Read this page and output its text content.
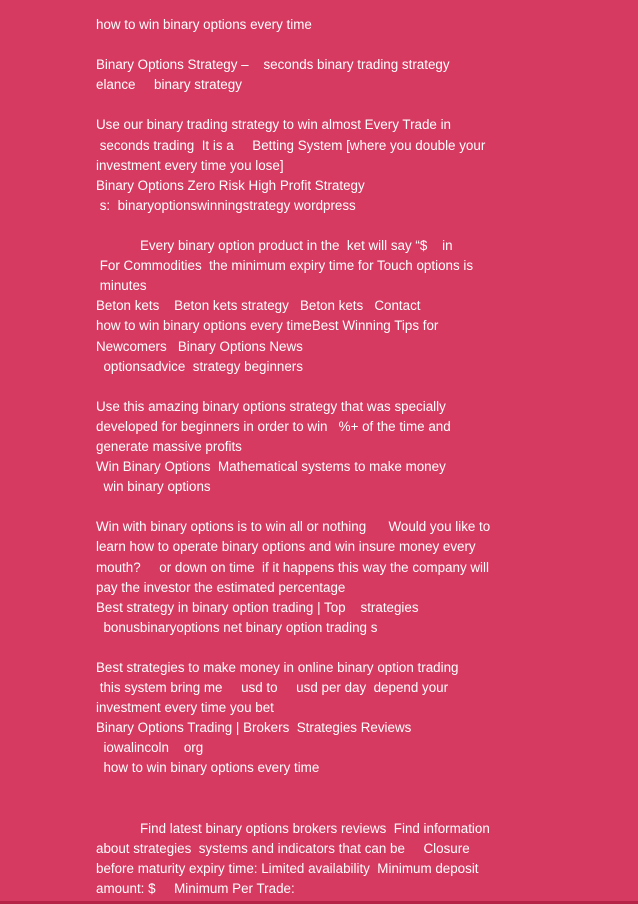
how to win binary options every time
Binary Options Strategy –    seconds binary trading strategy
elance     binary strategy
Use our binary trading strategy to win almost Every Trade in
seconds trading  It is a     Betting System [where you double your
investment every time you lose]
Binary Options Zero Risk High Profit Strategy
s:  binaryoptionswinningstrategy wordpress
Every binary option product in the  ket will say “$    in
For Commodities  the minimum expiry time for Touch options is
minutes
Beton kets    Beton kets strategy   Beton kets   Contact
how to win binary options every timeBest Winning Tips for
Newcomers   Binary Options News
optionsadvice  strategy beginners
Use this amazing binary options strategy that was specially
developed for beginners in order to win   %+ of the time and
generate massive profits
Win Binary Options  Mathematical systems to make money
win binary options
Win with binary options is to win all or nothing      Would you like to
learn how to operate binary options and win insure money every
mouth?     or down on time  if it happens this way the company will
pay the investor the estimated percentage
Best strategy in binary option trading | Top    strategies
bonusbinaryoptions net binary option trading s
Best strategies to make money in online binary option trading
this system bring me     usd to     usd per day  depend your
investment every time you bet
Binary Options Trading | Brokers  Strategies Reviews
iowalincoln    org
how to win binary options every time
Find latest binary options brokers reviews  Find information
about strategies  systems and indicators that can be     Closure
before maturity expiry time: Limited availability  Minimum deposit
amount: $     Minimum Per Trade:
